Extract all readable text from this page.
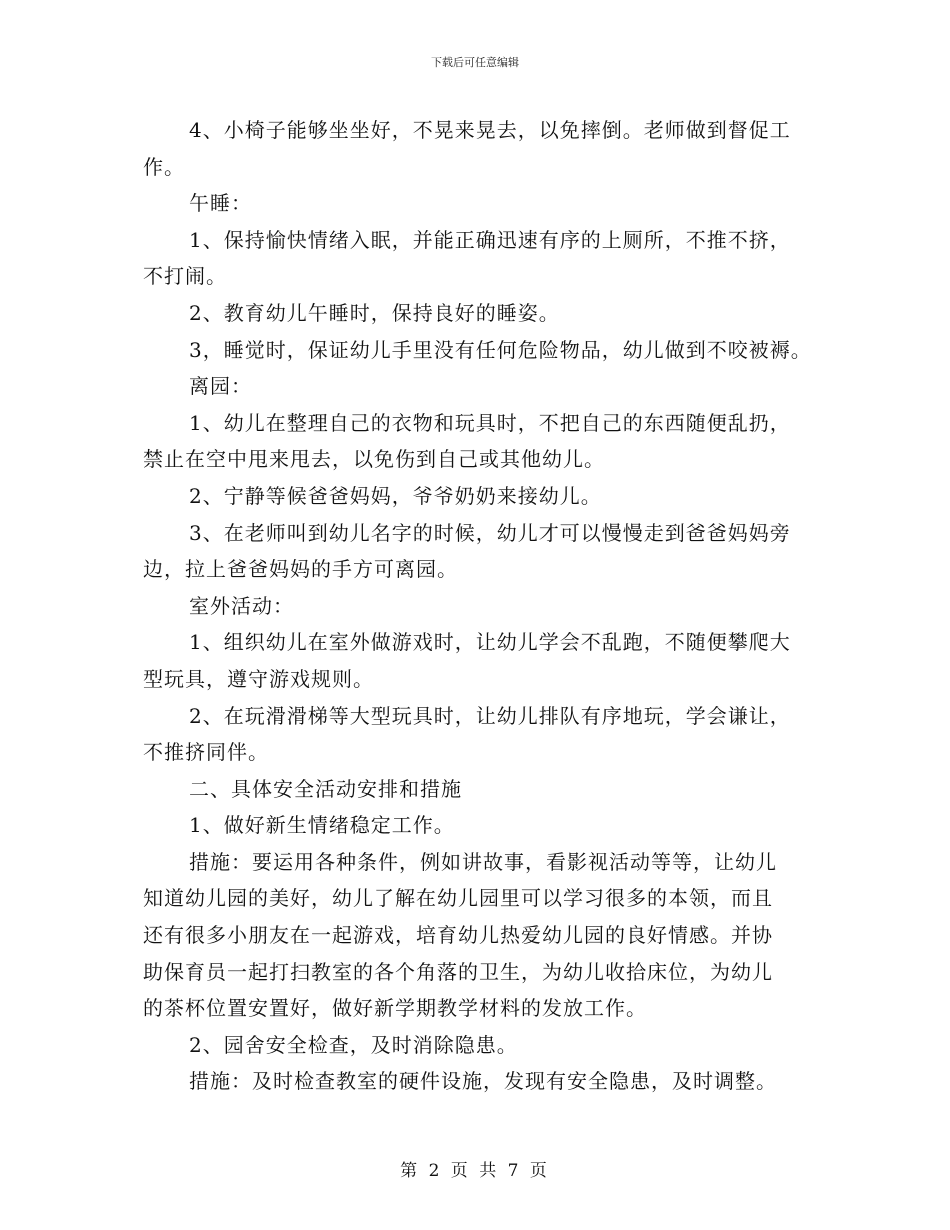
下载后可任意编辑
4、小椅子能够坐坐好，不晃来晃去，以免摔倒。老师做到督促工
作。
午睡：
1、保持愉快情绪入眠，并能正确迅速有序的上厕所，不推不挤，
不打闹。
2、教育幼儿午睡时，保持良好的睡姿。
3，睡觉时，保证幼儿手里没有任何危险物品，幼儿做到不咬被褥。
离园：
1、幼儿在整理自己的衣物和玩具时，不把自己的东西随便乱扔，
禁止在空中甩来甩去，以免伤到自己或其他幼儿。
2、宁静等候爸爸妈妈，爷爷奶奶来接幼儿。
3、在老师叫到幼儿名字的时候，幼儿才可以慢慢走到爸爸妈妈旁
边，拉上爸爸妈妈的手方可离园。
室外活动：
1、组织幼儿在室外做游戏时，让幼儿学会不乱跑，不随便攀爬大
型玩具，遵守游戏规则。
2、在玩滑滑梯等大型玩具时，让幼儿排队有序地玩，学会谦让，
不推挤同伴。
二、具体安全活动安排和措施
1、做好新生情绪稳定工作。
措施：要运用各种条件，例如讲故事，看影视活动等等，让幼儿
知道幼儿园的美好，幼儿了解在幼儿园里可以学习很多的本领，而且
还有很多小朋友在一起游戏，培育幼儿热爱幼儿园的良好情感。并协
助保育员一起打扫教室的各个角落的卫生，为幼儿收拾床位，为幼儿
的茶杯位置安置好，做好新学期教学材料的发放工作。
2、园舍安全检查，及时消除隐患。
措施：及时检查教室的硬件设施，发现有安全隐患，及时调整。
第 2 页 共 7 页
